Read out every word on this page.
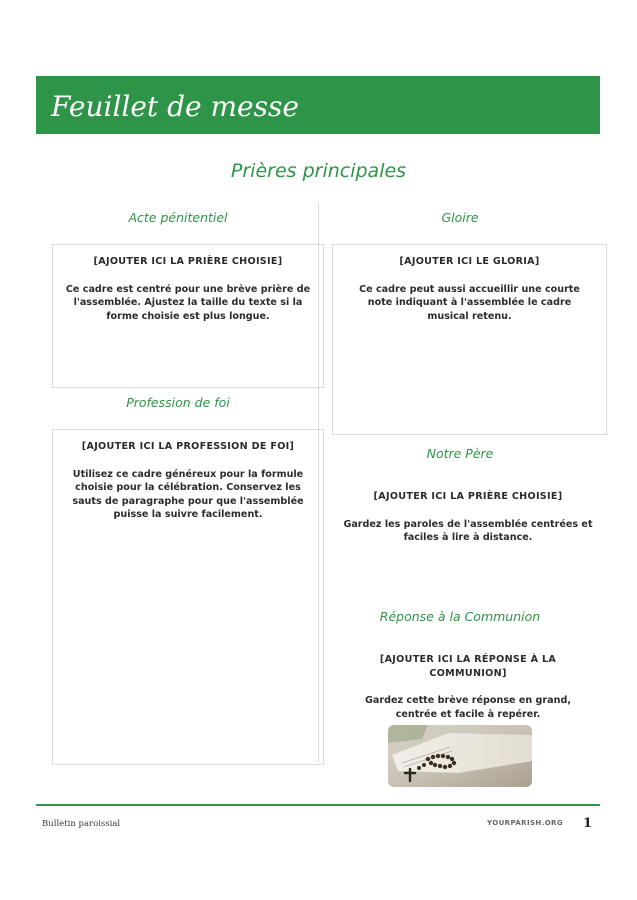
Feuillet de messe
Prières principales
Acte pénitentiel

[AJOUTER ICI LA PRIÈRE CHOISIE]

Ce cadre est centré pour une brève prière de l'assemblée. Ajustez la taille du texte si la forme choisie est plus longue.

Gloire

[AJOUTER ICI LE GLORIA]

Ce cadre peut aussi accueillir une courte note indiquant à l'assemblée le cadre musical retenu.

Profession de foi

[AJOUTER ICI LA PROFESSION DE FOI]

Utilisez ce cadre généreux pour la formule choisie pour la célébration. Conservez les sauts de paragraphe pour que l'assemblée puisse la suivre facilement.

Notre Père

[AJOUTER ICI LA PRIÈRE CHOISIE]

Gardez les paroles de l'assemblée centrées et faciles à lire à distance.

Réponse à la Communion

[AJOUTER ICI LA RÉPONSE À LA COMMUNION]

Gardez cette brève réponse en grand, centrée et facile à repérer.

Bulletin paroissial	YOURPARISH.ORG 1
